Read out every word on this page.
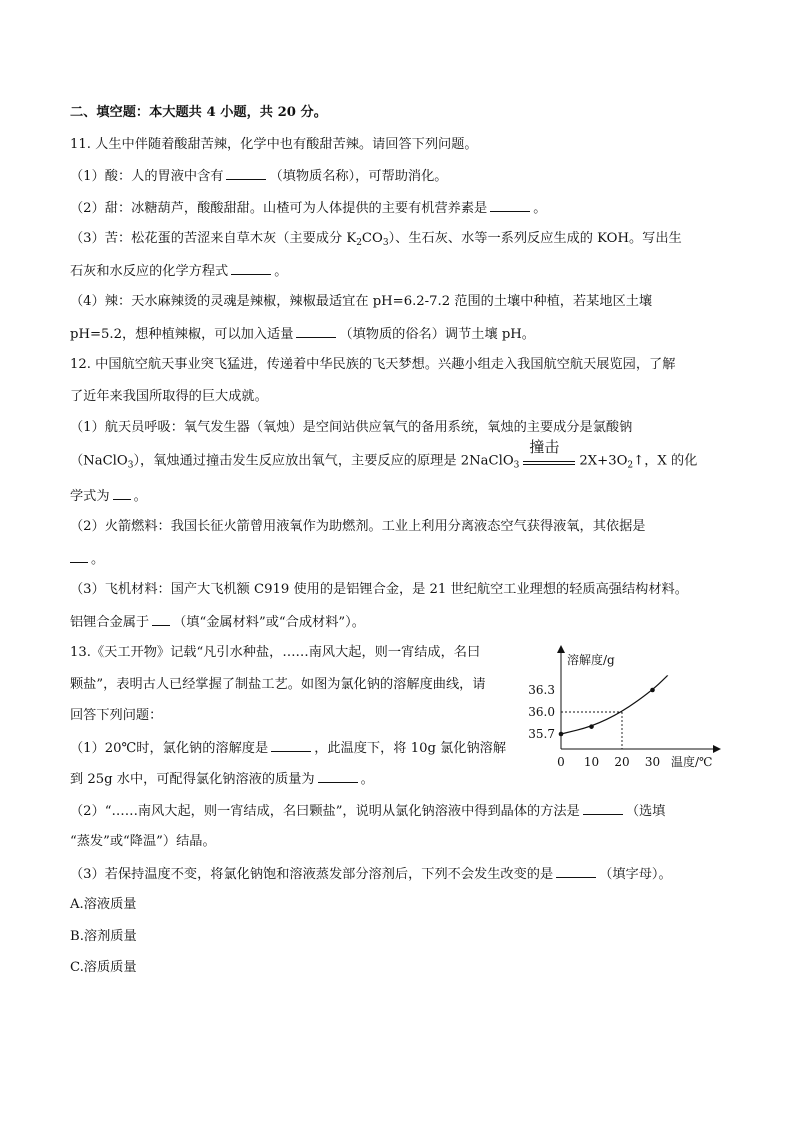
二、填空题：本大题共 4 小题，共 20 分。
11. 人生中伴随着酸甜苦辣，化学中也有酸甜苦辣。请回答下列问题。
（1）酸：人的胃液中含有	（填物质名称），可帮助消化。
（2）甜：冰糖葫芦，酸酸甜甜。山楂可为人体提供的主要有机营养素是	。
（3）苦：松花蛋的苦涩来自草木灰（主要成分 $K_2CO_3$）、生石灰、水等一系列反应生成的 KOH。写出生
石灰和水反应的化学方程式	。
（4）辣：天水麻辣烫的灵魂是辣椒，辣椒最适宜在 pH=6.2-7.2 范围的土壤中种植，若某地区土壤
pH=5.2，想种植辣椒，可以加入适量	（填物质的俗名）调节土壤 pH。
12. 中国航空航天事业突飞猛进，传递着中华民族的飞天梦想。兴趣小组走入我国航空航天展览园，了解
了近年来我国所取得的巨大成就。
（1）航天员呼吸：氧气发生器（氧烛）是空间站供应氧气的备用系统，氧烛的主要成分是氯酸钠
（NaClO$_3$），氧烛通过撞击发生反应放出氧气，主要反应的原理是 2NaClO$_3$
撞击
$2X+3O_2↑$，X 的化
学式为 。
（2）火箭燃料：我国长征火箭曾用液氧作为助燃剂。工业上利用分离液态空气获得液氧，其依据是
。
（3）飞机材料：国产大飞机额 C919 使用的是铝锂合金，是 21 世纪航空工业理想的轻质高强结构材料。
铝锂合金属于 （填“金属材料”或“合成材料”）。
13.《天工开物》记载“凡引水种盐，……南风大起，则一宵结成，名曰
颗盐”，表明古人已经掌握了制盐工艺。如图为氯化钠的溶解度曲线，请
回答下列问题：
（1）20℃时，氯化钠的溶解度是	，此温度下，将 10g 氯化钠溶解
到 25g 水中，可配得氯化钠溶液的质量为	。
（2）“……南风大起，则一宵结成，名曰颗盐”，说明从氯化钠溶液中得到晶体的方法是	（选填
“蒸发”或“降温”）结晶。
（3）若保持温度不变，将氯化钠饱和溶液蒸发部分溶剂后，下列不会发生改变的是	（填字母）。
A.溶液质量
B.溶剂质量
C.溶质质量
溶解度/g
温度/℃
0 10 20 30
35.7
36.0
36.3
